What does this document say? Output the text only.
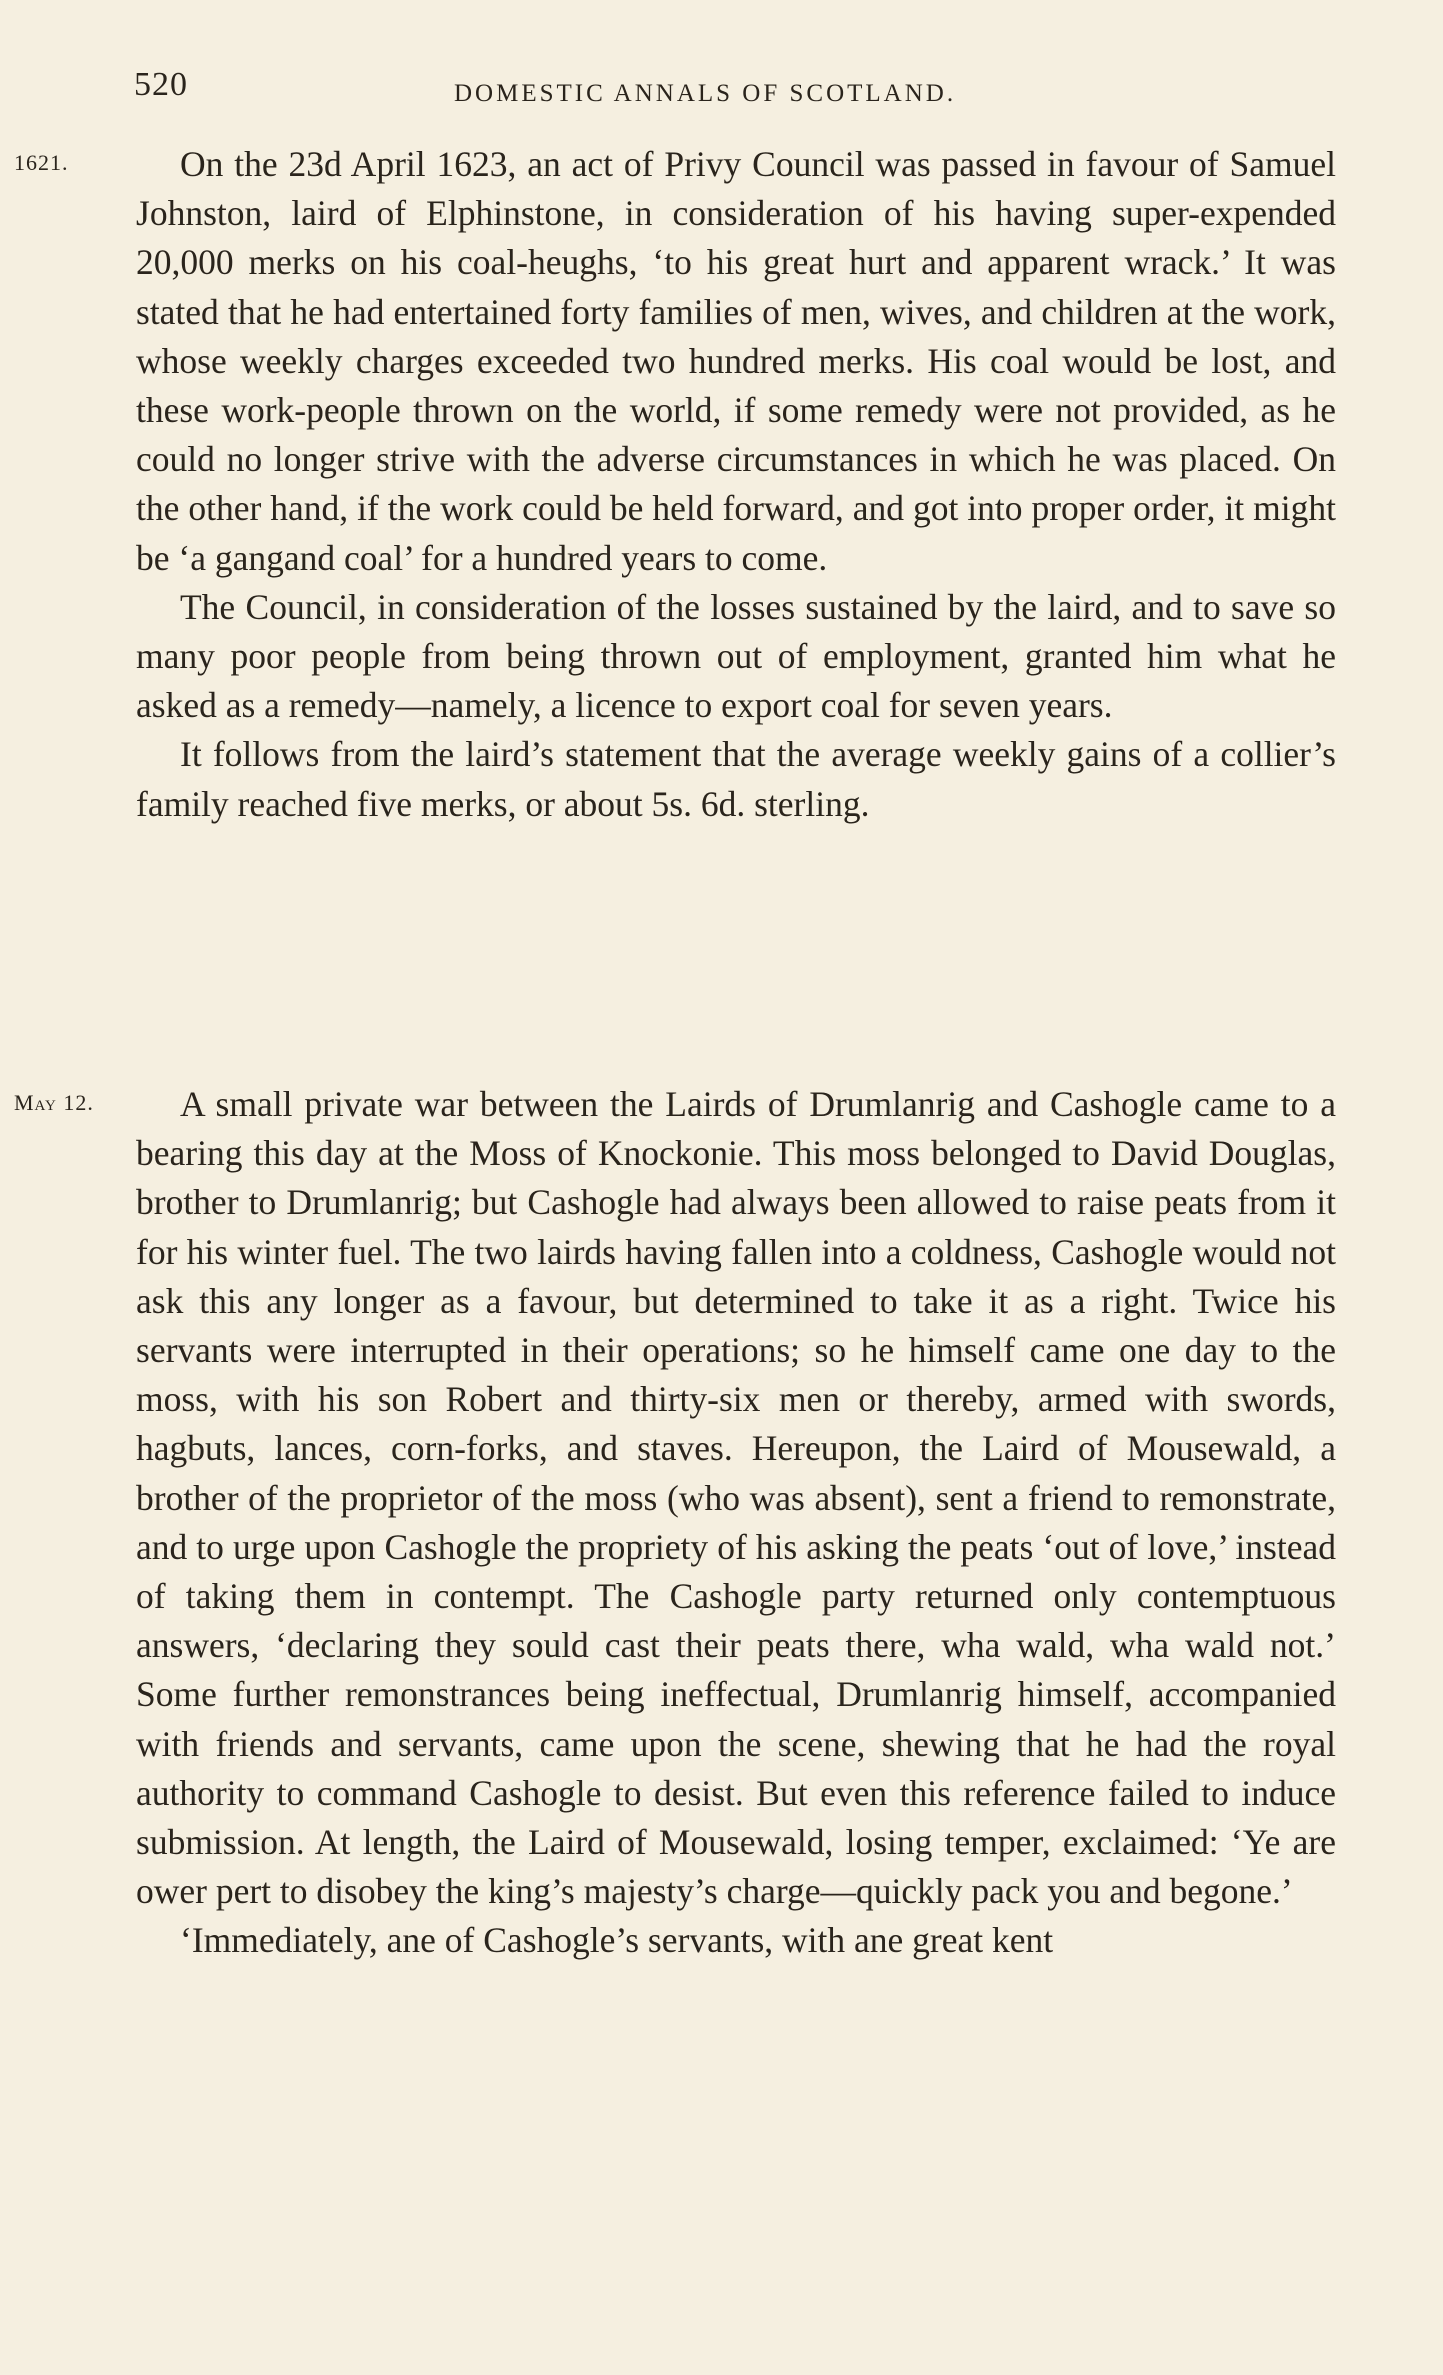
520	DOMESTIC ANNALS OF SCOTLAND.
1621.	On the 23d April 1623, an act of Privy Council was passed in favour of Samuel Johnston, laird of Elphinstone, in consideration of his having super-expended 20,000 merks on his coal-heughs, ‘to his great hurt and apparent wrack.’ It was stated that he had entertained forty families of men, wives, and children at the work, whose weekly charges exceeded two hundred merks. His coal would be lost, and these work-people thrown on the world, if some remedy were not provided, as he could no longer strive with the adverse circumstances in which he was placed. On the other hand, if the work could be held forward, and got into proper order, it might be ‘a gangand coal’ for a hundred years to come.

The Council, in consideration of the losses sustained by the laird, and to save so many poor people from being thrown out of employment, granted him what he asked as a remedy—namely, a licence to export coal for seven years.

It follows from the laird’s statement that the average weekly gains of a collier’s family reached five merks, or about 5s. 6d. sterling.

May 12.	A small private war between the Lairds of Drumlanrig and Cashogle came to a bearing this day at the Moss of Knockonie. This moss belonged to David Douglas, brother to Drumlanrig; but Cashogle had always been allowed to raise peats from it for his winter fuel. The two lairds having fallen into a coldness, Cashogle would not ask this any longer as a favour, but determined to take it as a right. Twice his servants were interrupted in their operations; so he himself came one day to the moss, with his son Robert and thirty-six men or thereby, armed with swords, hagbuts, lances, corn-forks, and staves. Hereupon, the Laird of Mousewald, a brother of the proprietor of the moss (who was absent), sent a friend to remonstrate, and to urge upon Cashogle the propriety of his asking the peats ‘out of love,’ instead of taking them in contempt. The Cashogle party returned only contemptuous answers, ‘declaring they sould cast their peats there, wha wald, wha wald not.’ Some further remonstrances being ineffectual, Drumlanrig himself, accompanied with friends and servants, came upon the scene, shewing that he had the royal authority to command Cashogle to desist. But even this reference failed to induce submission. At length, the Laird of Mousewald, losing temper, exclaimed: ‘Ye are ower pert to disobey the king’s majesty’s charge—quickly pack you and begone.’

‘Immediately, ane of Cashogle’s servants, with ane great kent
